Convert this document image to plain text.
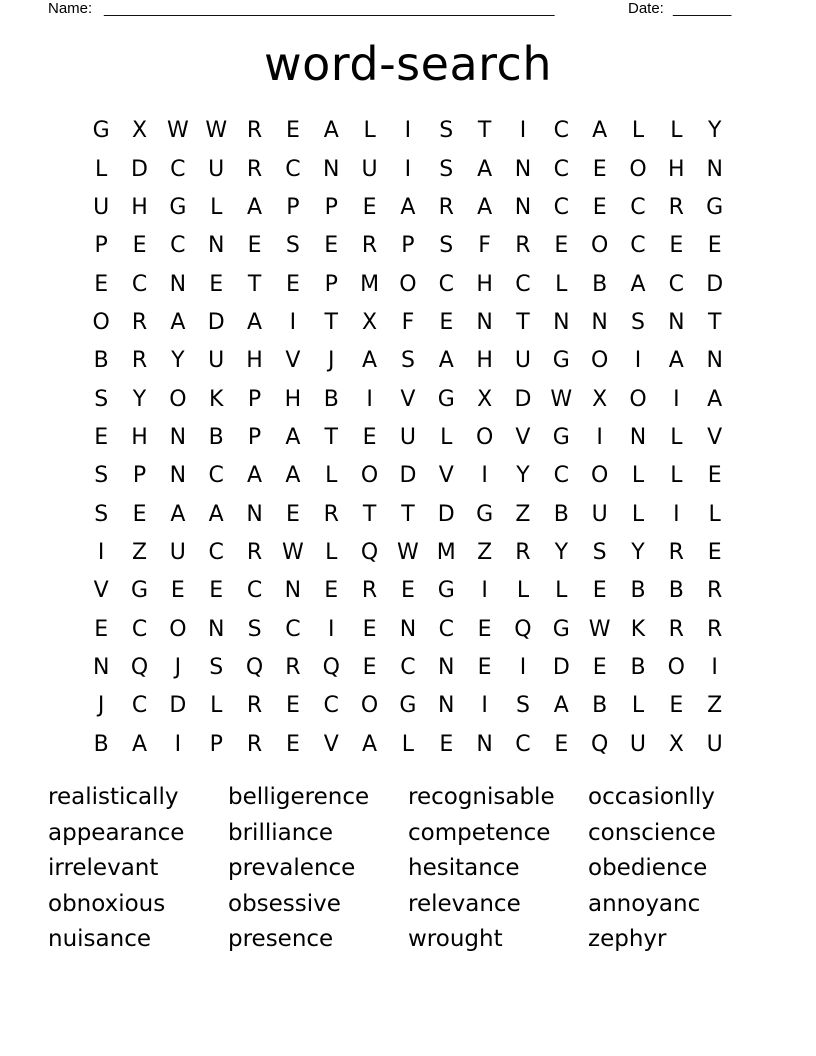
Name: ______________________________________________________	Date: _______
word-search
G	X W W R	E	A	L	I	S	T	I	C	A	L	L	Y
L	D	C	U	R	C	N	U	I	S	A	N	C	E	O H N
U	H G	L	A	P	P	E	A	R	A	N	C	E	C	R	G
P	E	C	N	E	S	E	R	P	S	F	R	E	O	C	E	E
E	C	N	E	T	E	P	M O	C	H	C	L	B	A	C	D
O	R	A	D	A	I	T	X	F	E	N	T	N N	S	N	T
B	R	Y	U	H	V	J	A	S	A	H	U G O	I	A	N
S	Y	O	K	P	H	B	I	V	G	X	D W X	O	I	A
E	H N	B	P	A	T	E	U	L	O	V	G	I	N	L	V
S	P	N	C	A	A	L	O D	V	I	Y	C O	L	L	E
S	E	A	A	N	E	R	T	T	D G	Z	B	U	L	I	L
I	Z	U	C	R W L	Q W M Z	R	Y	S	Y	R	E
V	G	E	E	C	N	E	R	E	G	I	L	L	E	B	B	R
E	C O N	S	C	I	E	N	C	E	Q G W K	R	R
N Q	J	S	Q	R	Q	E	C	N	E	I	D	E	B	O	I
J	C	D	L	R	E	C O G N	I	S	A	B	L	E	Z
B	A	I	P	R	E	V	A	L	E	N	C	E	Q U	X	U
realistically	belligerence	recognisable	occasionlly
appearance	brilliance	competence	conscience
irrelevant	prevalence	hesitance	obedience
obnoxious	obsessive	relevance	annoyanc
nuisance	presence	wrought	zephyr
